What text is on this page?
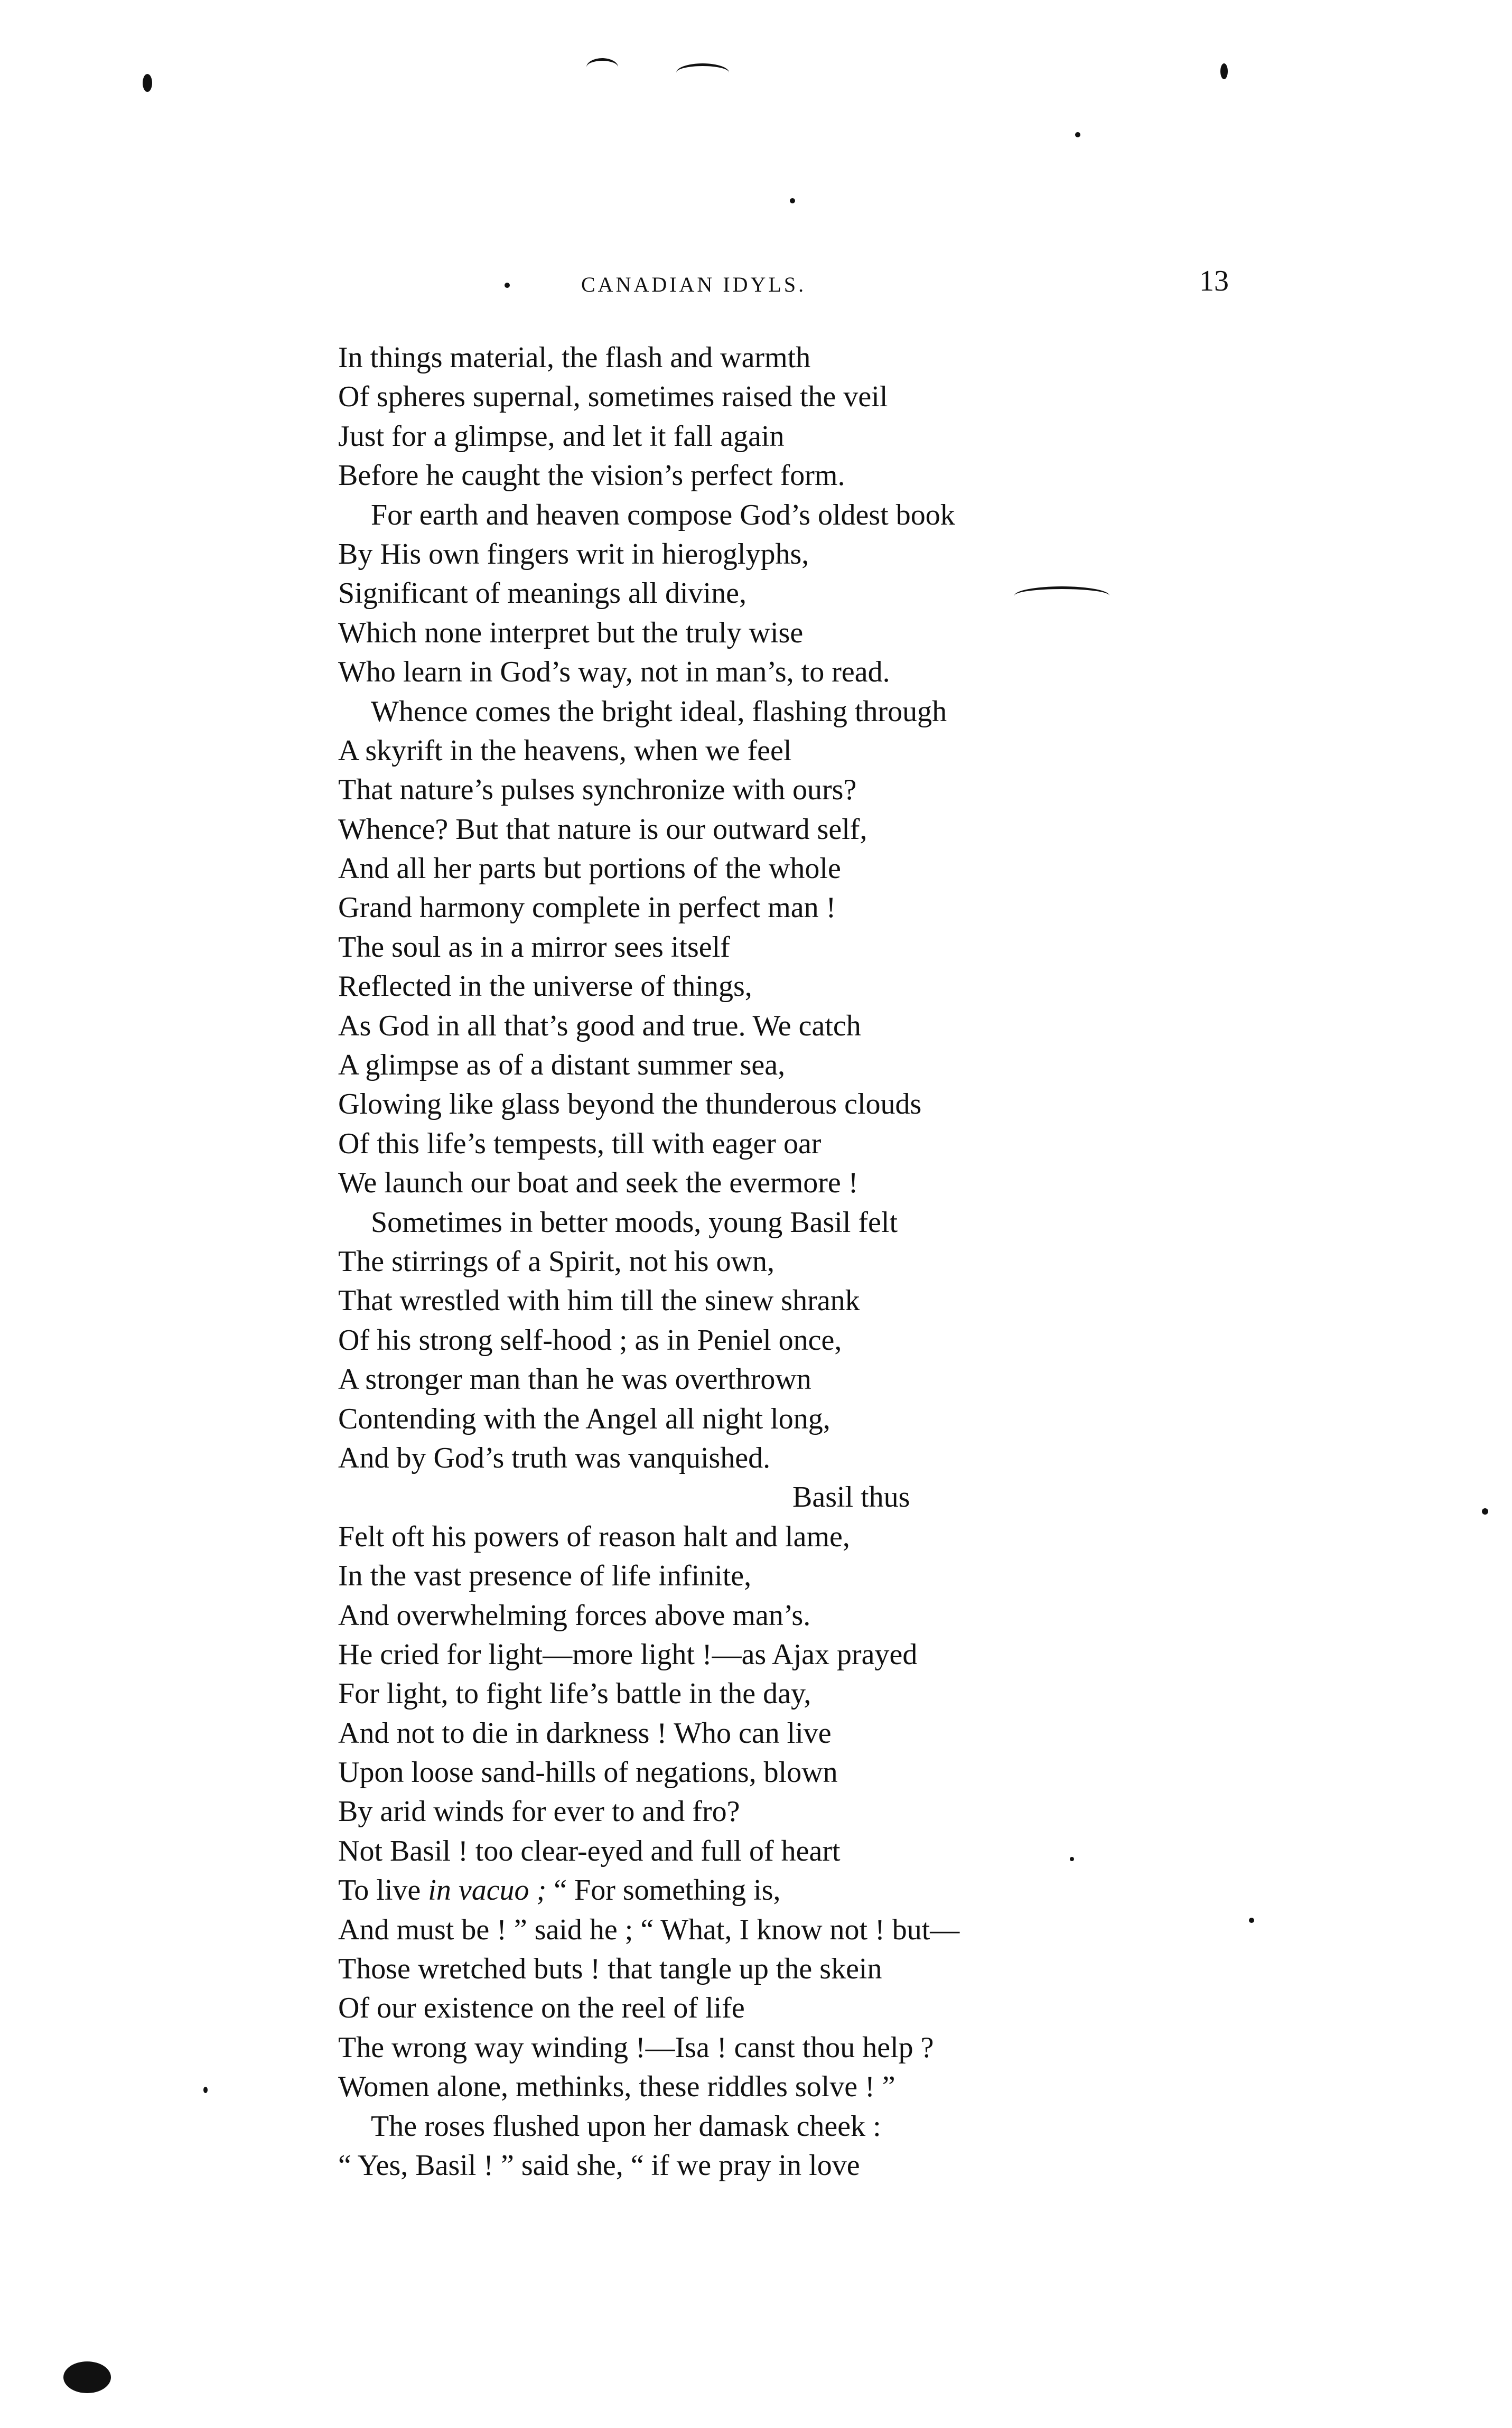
CANADIAN IDYLS.	13
In things material, the flash and warmth
Of spheres supernal, sometimes raised the veil
Just for a glimpse, and let it fall again
Before he caught the vision’s perfect form.
For earth and heaven compose God’s oldest book
By His own fingers writ in hieroglyphs,
Significant of meanings all divine,
Which none interpret but the truly wise
Who learn in God’s way, not in man’s, to read.
Whence comes the bright ideal, flashing through
A skyrift in the heavens, when we feel
That nature’s pulses synchronize with ours?
Whence? But that nature is our outward self,
And all her parts but portions of the whole
Grand harmony complete in perfect man !
The soul as in a mirror sees itself
Reflected in the universe of things,
As God in all that’s good and true. We catch
A glimpse as of a distant summer sea,
Glowing like glass beyond the thunderous clouds
Of this life’s tempests, till with eager oar
We launch our boat and seek the evermore !
Sometimes in better moods, young Basil felt
The stirrings of a Spirit, not his own,
That wrestled with him till the sinew shrank
Of his strong self-hood ; as in Peniel once,
A stronger man than he was overthrown
Contending with the Angel all night long,
And by God’s truth was vanquished.
Basil thus
Felt oft his powers of reason halt and lame,
In the vast presence of life infinite,
And overwhelming forces above man’s.
He cried for light—more light !—as Ajax prayed
For light, to fight life’s battle in the day,
And not to die in darkness ! Who can live
Upon loose sand-hills of negations, blown
By arid winds for ever to and fro?
Not Basil ! too clear-eyed and full of heart
To live in vacuo ; “ For something is,
And must be ! ” said he ; “ What, I know not ! but—
Those wretched buts ! that tangle up the skein
Of our existence on the reel of life
The wrong way winding !—Isa ! canst thou help ?
Women alone, methinks, these riddles solve ! ”
The roses flushed upon her damask cheek :
“ Yes, Basil ! ” said she, “ if we pray in love
